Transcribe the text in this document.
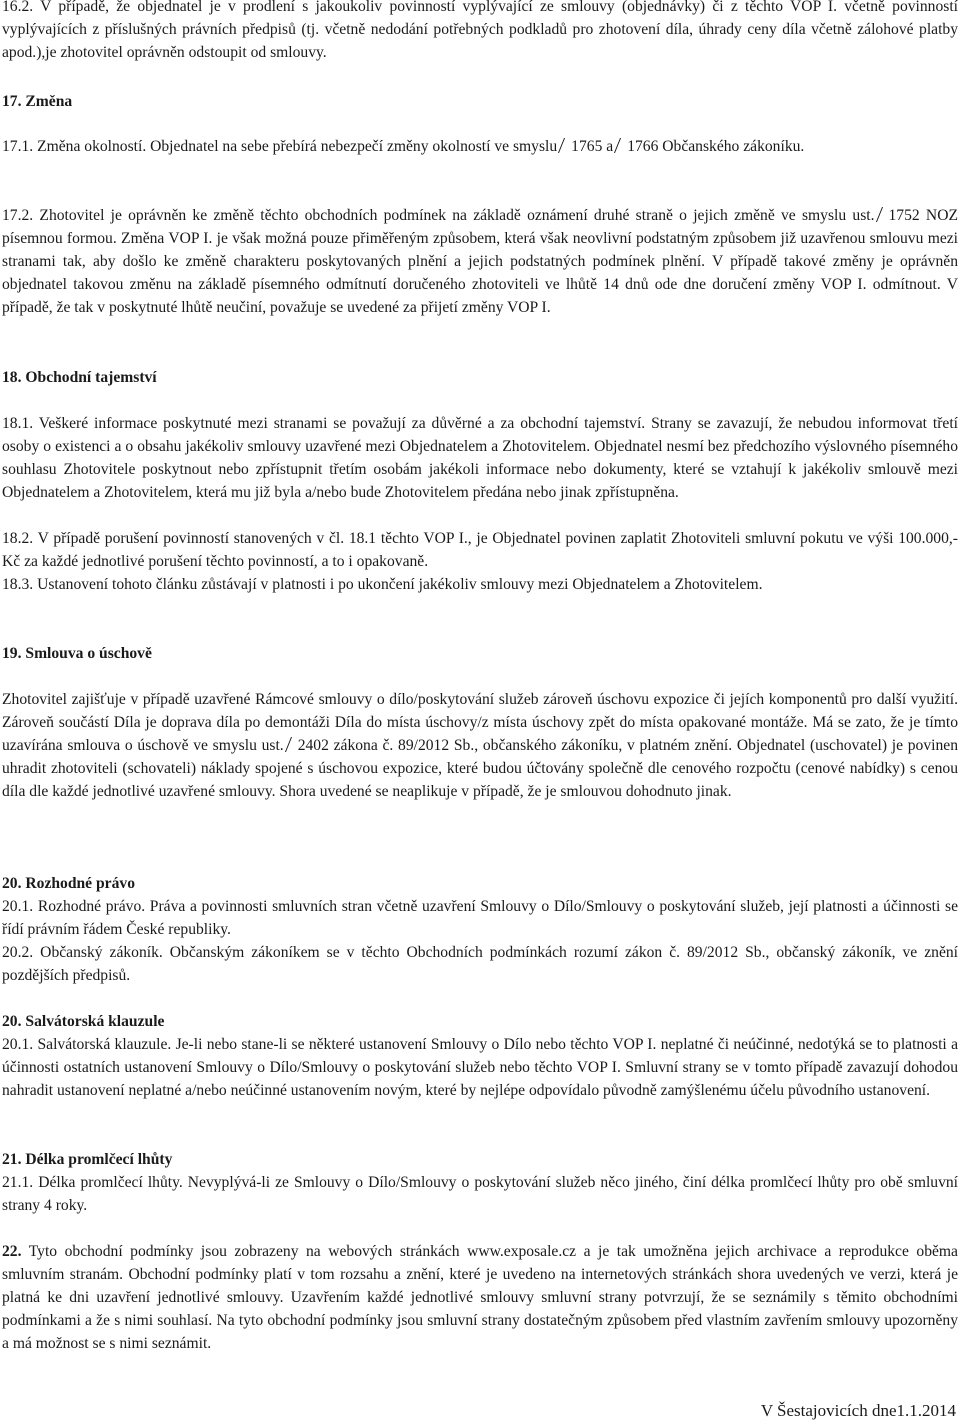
16.2. V případě, že objednatel je v prodlení s jakoukoliv povinností vyplývající ze smlouvy (objednávky) či z těchto VOP I. včetně povinností vyplývajících z příslušných právních předpisů (tj. včetně nedodání potřebných podkladů pro zhotovení díla, úhrady ceny díla včetně zálohové platby apod.),je zhotovitel oprávněn odstoupit od smlouvy.
17. Změna
17.1. Změna okolností. Objednatel na sebe přebírá nebezpečí změny okolností ve smyslu 1765 a 1766 Občanského zákoníku.
17.2. Zhotovitel je oprávněn ke změně těchto obchodních podmínek na základě oznámení druhé straně o jejich změně ve smyslu ust. 1752 NOZ písemnou formou. Změna VOP I. je však možná pouze přiměřeným způsobem, která však neovlivní podstatným způsobem již uzavřenou smlouvu mezi stranami tak, aby došlo ke změně charakteru poskytovaných plnění a jejich podstatných podmínek plnění. V případě takové změny je oprávněn objednatel takovou změnu na základě písemného odmítnutí doručeného zhotoviteli ve lhůtě 14 dnů ode dne doručení změny VOP I. odmítnout. V případě, že tak v poskytnuté lhůtě neučiní, považuje se uvedené za přijetí změny VOP I.
18. Obchodní tajemství
18.1. Veškeré informace poskytnuté mezi stranami se považují za důvěrné a za obchodní tajemství. Strany se zavazují, že nebudou informovat třetí osoby o existenci a o obsahu jakékoliv smlouvy uzavřené mezi Objednatelem a Zhotovitelem. Objednatel nesmí bez předchozího výslovného písemného souhlasu Zhotovitele poskytnout nebo zpřístupnit třetím osobám jakékoli informace nebo dokumenty, které se vztahují k jakékoliv smlouvě mezi Objednatelem a Zhotovitelem, která mu již byla a/nebo bude Zhotovitelem předána nebo jinak zpřístupněna.
18.2. V případě porušení povinností stanovených v čl. 18.1 těchto VOP I., je Objednatel povinen zaplatit Zhotoviteli smluvní pokutu ve výši 100.000,- Kč za každé jednotlivé porušení těchto povinností, a to i opakovaně.
18.3. Ustanovení tohoto článku zůstávají v platnosti i po ukončení jakékoliv smlouvy mezi Objednatelem a Zhotovitelem.
19. Smlouva o úschově
Zhotovitel zajišťuje v případě uzavřené Rámcové smlouvy o dílo/poskytování služeb zároveň úschovu expozice či jejích komponentů pro další využití. Zároveň součástí Díla je doprava díla po demontáži Díla do místa úschovy/z místa úschovy zpět do místa opakované montáže. Má se zato, že je tímto uzavírána smlouva o úschově ve smyslu ust. 2402 zákona č. 89/2012 Sb., občanského zákoníku, v platném znění. Objednatel (uschovatel) je povinen uhradit zhotoviteli (schovateli) náklady spojené s úschovou expozice, které budou účtovány společně dle cenového rozpočtu (cenové nabídky) s cenou díla dle každé jednotlivé uzavřené smlouvy. Shora uvedené se neaplikuje v případě, že je smlouvou dohodnuto jinak.
20. Rozhodné právo
20.1. Rozhodné právo. Práva a povinnosti smluvních stran včetně uzavření Smlouvy o Dílo/Smlouvy o poskytování služeb, její platnosti a účinnosti se řídí právním řádem České republiky.
20.2. Občanský zákoník. Občanským zákoníkem se v těchto Obchodních podmínkách rozumí zákon č. 89/2012 Sb., občanský zákoník, ve znění pozdějších předpisů.
20. Salvátorská klauzule
20.1. Salvátorská klauzule. Je-li nebo stane-li se některé ustanovení Smlouvy o Dílo nebo těchto VOP I. neplatné či neúčinné, nedotýká se to platnosti a účinnosti ostatních ustanovení Smlouvy o Dílo/Smlouvy o poskytování služeb nebo těchto VOP I. Smluvní strany se v tomto případě zavazují dohodou nahradit ustanovení neplatné a/nebo neúčinné ustanovením novým, které by nejlépe odpovídalo původně zamýšlenému účelu původního ustanovení.
21. Délka promlčecí lhůty
21.1. Délka promlčecí lhůty. Nevyplývá-li ze Smlouvy o Dílo/Smlouvy o poskytování služeb něco jiného, činí délka promlčecí lhůty pro obě smluvní strany 4 roky.
22. Tyto obchodní podmínky jsou zobrazeny na webových stránkách www.exposale.cz a je tak umožněna jejich archivace a reprodukce oběma smluvním stranám. Obchodní podmínky platí v tom rozsahu a znění, které je uvedeno na internetových stránkách shora uvedených ve verzi, která je platná ke dni uzavření jednotlivé smlouvy. Uzavřením každé jednotlivé smlouvy smluvní strany potvrzují, že se seznámily s těmito obchodními podmínkami a že s nimi souhlasí. Na tyto obchodní podmínky jsou smluvní strany dostatečným způsobem před vlastním zavřením smlouvy upozorněny a má možnost se s nimi seznámit.
V Šestajovicích dne1.1.2014
